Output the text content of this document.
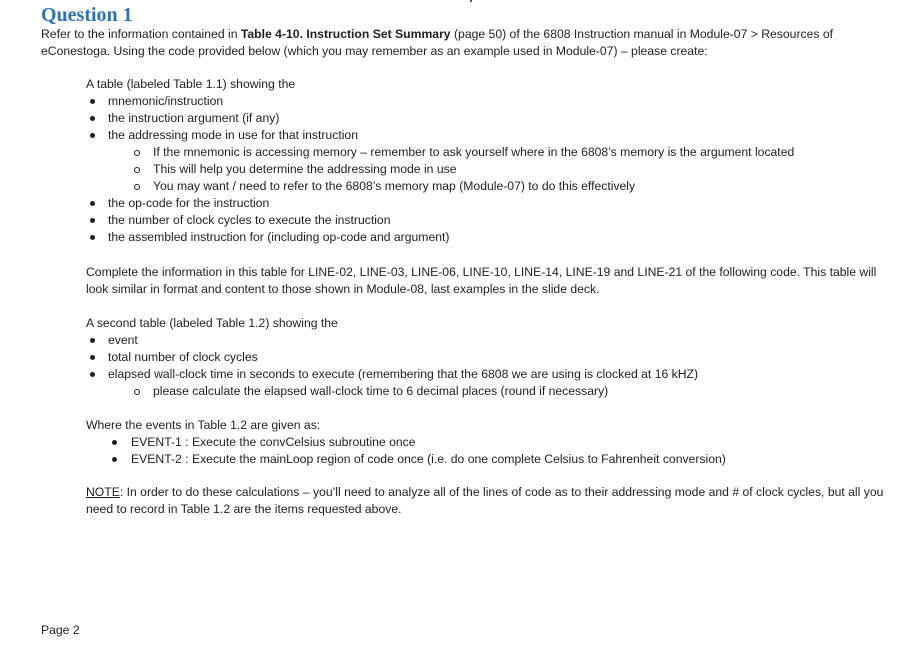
Question 1

Refer to the information contained in Table 4-10. Instruction Set Summary (page 50) of the 6808 Instruction manual in Module-07 > Resources of eConestoga. Using the code provided below (which you may remember as an example used in Module-07) – please create:

A table (labeled Table 1.1) showing the

mnemonic/instruction
the instruction argument (if any)
the addressing mode in use for that instruction
If the mnemonic is accessing memory – remember to ask yourself where in the 6808’s memory is the argument located
This will help you determine the addressing mode in use
You may want / need to refer to the 6808’s memory map (Module-07) to do this effectively
the op-code for the instruction
the number of clock cycles to execute the instruction
the assembled instruction for (including op-code and argument)

Complete the information in this table for LINE-02, LINE-03, LINE-06, LINE-10, LINE-14, LINE-19 and LINE-21 of the following code. This table will look similar in format and content to those shown in Module-08, last examples in the slide deck.

A second table (labeled Table 1.2) showing the

event
total number of clock cycles
elapsed wall-clock time in seconds to execute (remembering that the 6808 we are using is clocked at 16 kHZ)
please calculate the elapsed wall-clock time to 6 decimal places (round if necessary)

Where the events in Table 1.2 are given as:

EVENT-1 : Execute the convCelsius subroutine once
EVENT-2 : Execute the mainLoop region of code once (i.e. do one complete Celsius to Fahrenheit conversion)

NOTE: In order to do these calculations – you’ll need to analyze all of the lines of code as to their addressing mode and # of clock cycles, but all you need to record in Table 1.2 are the items requested above.

Page 2
